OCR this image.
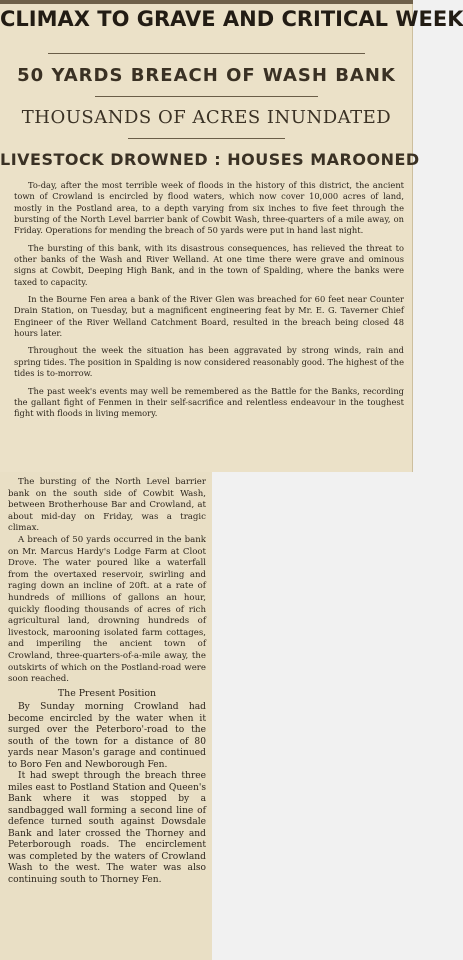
CLIMAX TO GRAVE AND CRITICAL WEEK
50 YARDS BREACH OF WASH BANK
THOUSANDS OF ACRES INUNDATED
LIVESTOCK DROWNED : HOUSES MAROONED

To-day, after the most terrible week of floods in the history of this district, the ancient town of Crowland is encircled by flood waters, which now cover 10,000 acres of land, mostly in the Postland area, to a depth varying from six inches to five feet through the bursting of the North Level barrier bank of Cowbit Wash, three-quarters of a mile away, on Friday. Operations for mending the breach of 50 yards were put in hand last night.

The bursting of this bank, with its disastrous consequences, has relieved the threat to other banks of the Wash and River Welland. At one time there were grave and ominous signs at Cowbit, Deeping High Bank, and in the town of Spalding, where the banks were taxed to capacity.

In the Bourne Fen area a bank of the River Glen was breached for 60 feet near Counter Drain Station, on Tuesday, but a magnificent engineering feat by Mr. E. G. Taverner Chief Engineer of the River Welland Catchment Board, resulted in the breach being closed 48 hours later.

Throughout the week the situation has been aggravated by strong winds, rain and spring tides. The position in Spalding is now considered reasonably good. The highest of the tides is to-morrow.

The past week's events may well be remembered as the Battle for the Banks, recording the gallant fight of Fenmen in their self-sacrifice and relentless endeavour in the toughest fight with floods in living memory.

The bursting of the North Level barrier bank on the south side of Cowbit Wash, between Brotherhouse Bar and Crowland, at about mid-day on Friday, was a tragic climax.

A breach of 50 yards occurred in the bank on Mr. Marcus Hardy's Lodge Farm at Cloot Drove. The water poured like a waterfall from the overtaxed reservoir, swirling and raging down an incline of 20ft. at a rate of hundreds of millions of gallons an hour, quickly flooding thousands of acres of rich agricultural land, drowning hundreds of livestock, marooning isolated farm cottages, and imperiling the ancient town of Crowland, three-quarters-of-a-mile away, the outskirts of which on the Postland-road were soon reached.

The Present Position

By Sunday morning Crowland had become encircled by the water when it surged over the Peterboro'-road to the south of the town for a distance of 80 yards near Mason's garage and continued to Boro Fen and Newborough Fen.

It had swept through the breach three miles east to Postland Station and Queen's Bank where it was stopped by a sandbagged wall forming a second line of defence turned south against Dowsdale Bank and later crossed the Thorney and Peterborough roads. The encirclement was completed by the waters of Crowland Wash to the west. The water was also continuing south to Thorney Fen.
